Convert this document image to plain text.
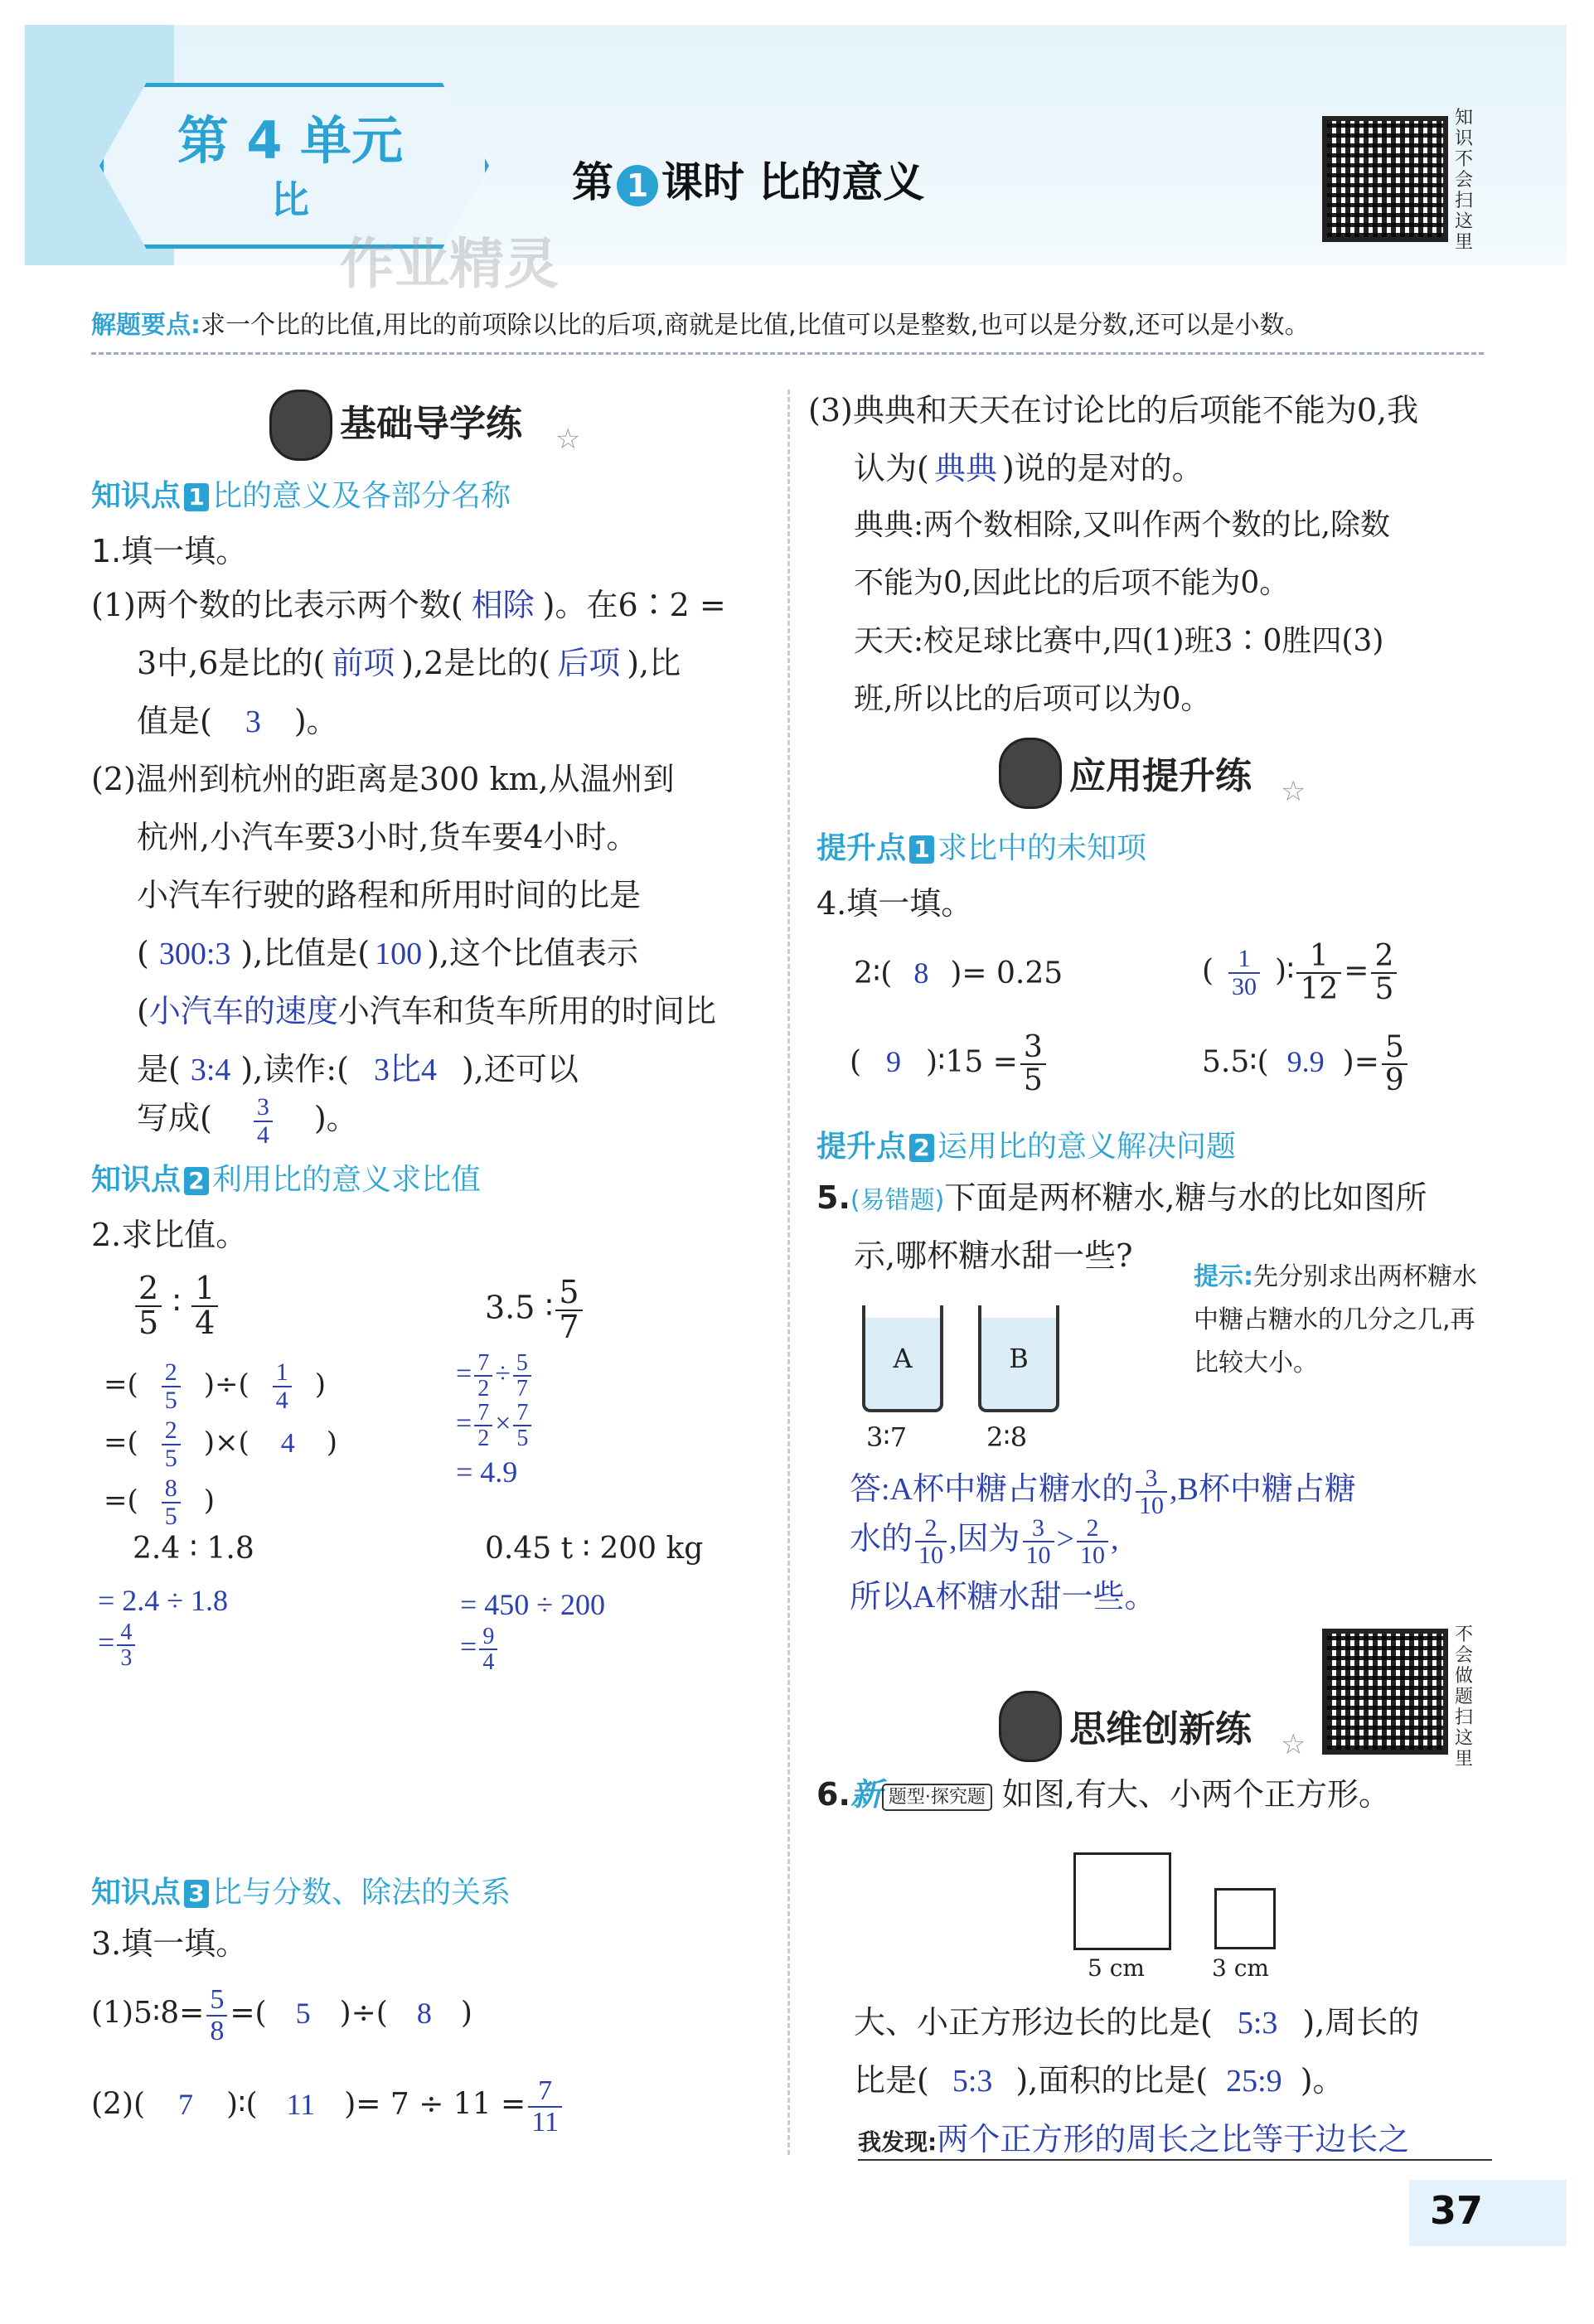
第 4 单元
比
作业精灵
第 1 课时 比的意义
知识不会扫这里
解题要点:求一个比的比值,用比的前项除以比的后项,商就是比值,比值可以是整数,也可以是分数,还可以是小数。
基础导学练 ☆
知识点 1 比的意义及各部分名称
1.填一填。
(1)两个数的比表示两个数( 相除 )。在6∶2 =
3中,6是比的( 前项 ),2是比的( 后项 ),比
值是( 3 )。
(2)温州到杭州的距离是300 km,从温州到
杭州,小汽车要3小时,货车要4小时。
小汽车行驶的路程和所用时间的比是
( 300:3 ),比值是( 100 ),这个比值表示
(小汽车的速度小汽车和货车所用的时间比
是( 3:4 ),读作:( 3比4 ),还可以
写成( $\frac{3}{4}$ )。
知识点 2 利用比的意义求比值
2.求比值。
$\frac{2}{5}$ ∶ $\frac{1}{4}$
=( $\frac{2}{5}$ )÷( $\frac{1}{4}$ )
=( $\frac{2}{5}$ )×( 4 )
=( $\frac{8}{5}$ )
3.5 ∶ $\frac{5}{7}$
= $\frac{7}{2} \div \frac{5}{7}$
= $\frac{7}{2} \times \frac{7}{5}$
= 4.9
2.4 ∶ 1.8
= 2.4 ÷ 1.8
= $\frac{4}{3}$
0.45 t ∶ 200 kg
= 450 ÷ 200
= $\frac{9}{4}$
知识点 3 比与分数、除法的关系
3.填一填。
(1)5∶8= $\frac{5}{8}$ =( 5 )÷( 8 )
(2)( 7 )∶( 11 )= $7 \div 11 = \frac{7}{11}$
(3)典典和天天在讨论比的后项能不能为0,我
认为( 典典 )说的是对的。
典典:两个数相除,又叫作两个数的比,除数
不能为0,因此比的后项不能为0。
天天:校足球比赛中,四(1)班3∶0胜四(3)
班,所以比的后项可以为0。
应用提升练 ☆
提升点 1 求比中的未知项
4.填一填。
2∶( 8 )= 0.25	( $\frac{1}{30}$ )∶ $\frac{1}{12} = \frac{2}{5}$
( 9 )∶15 = $\frac{3}{5}$	5.5∶( 9.9 )= $\frac{5}{9}$
提升点 2 运用比的意义解决问题
5.(易错题)下面是两杯糖水,糖与水的比如图所
示,哪杯糖水甜一些?
提示:先分别求出两杯糖水中糖占糖水的几分之几,再比较大小。
A	B
3∶7	2∶8
答:A杯中糖占糖水的 $\frac{3}{10} ,B$杯中糖占糖
水的 $\frac{2}{10}$ ,因为 $\frac{3}{10} > \frac{2}{10}$ ,
所以A杯糖水甜一些。
不会做题扫这里
思维创新练 ☆
6.新 题型·探究题 如图,有大、小两个正方形。
5 cm	3 cm
大、小正方形边长的比是( 5:3 ),周长的
比是( 5:3 ),面积的比是( 25:9 )。
我发现:两个正方形的周长之比等于边长之
37
